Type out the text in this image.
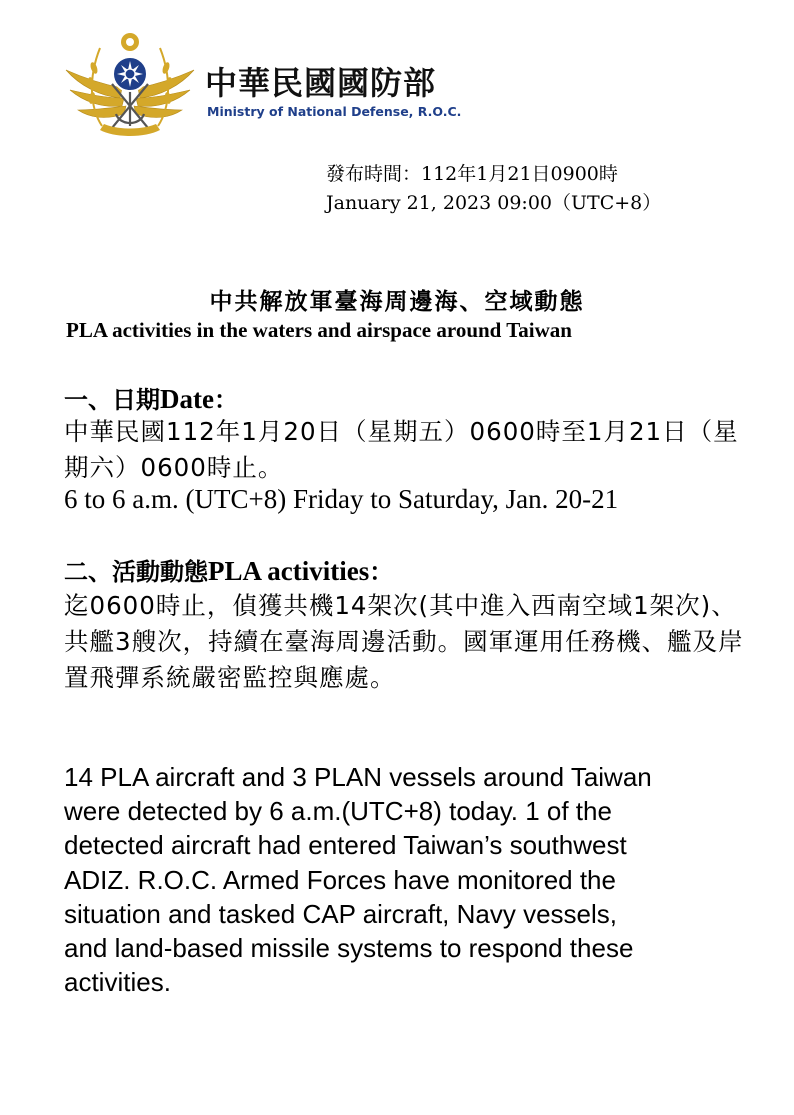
中華民國國防部
Ministry of National Defense, R.O.C.
發布時間：112年1月21日0900時
January 21, 2023 09:00（UTC+8）
中共解放軍臺海周邊海、空域動態
PLA activities in the waters and airspace around Taiwan
一、日期Date：
中華民國112年1月20日（星期五）0600時至1月21日（星期六）0600時止。
6 to 6 a.m. (UTC+8) Friday to Saturday, Jan. 20-21
二、活動動態PLA activities：
迄0600時止，偵獲共機14架次(其中進入西南空域1架次)、共艦3艘次，持續在臺海周邊活動。國軍運用任務機、艦及岸置飛彈系統嚴密監控與應處。
14 PLA aircraft and 3 PLAN vessels around Taiwan
were detected by 6 a.m.(UTC+8) today. 1 of the
detected aircraft had entered Taiwan’s southwest
ADIZ. R.O.C. Armed Forces have monitored the
situation and tasked CAP aircraft, Navy vessels,
and land-based missile systems to respond these
activities.
